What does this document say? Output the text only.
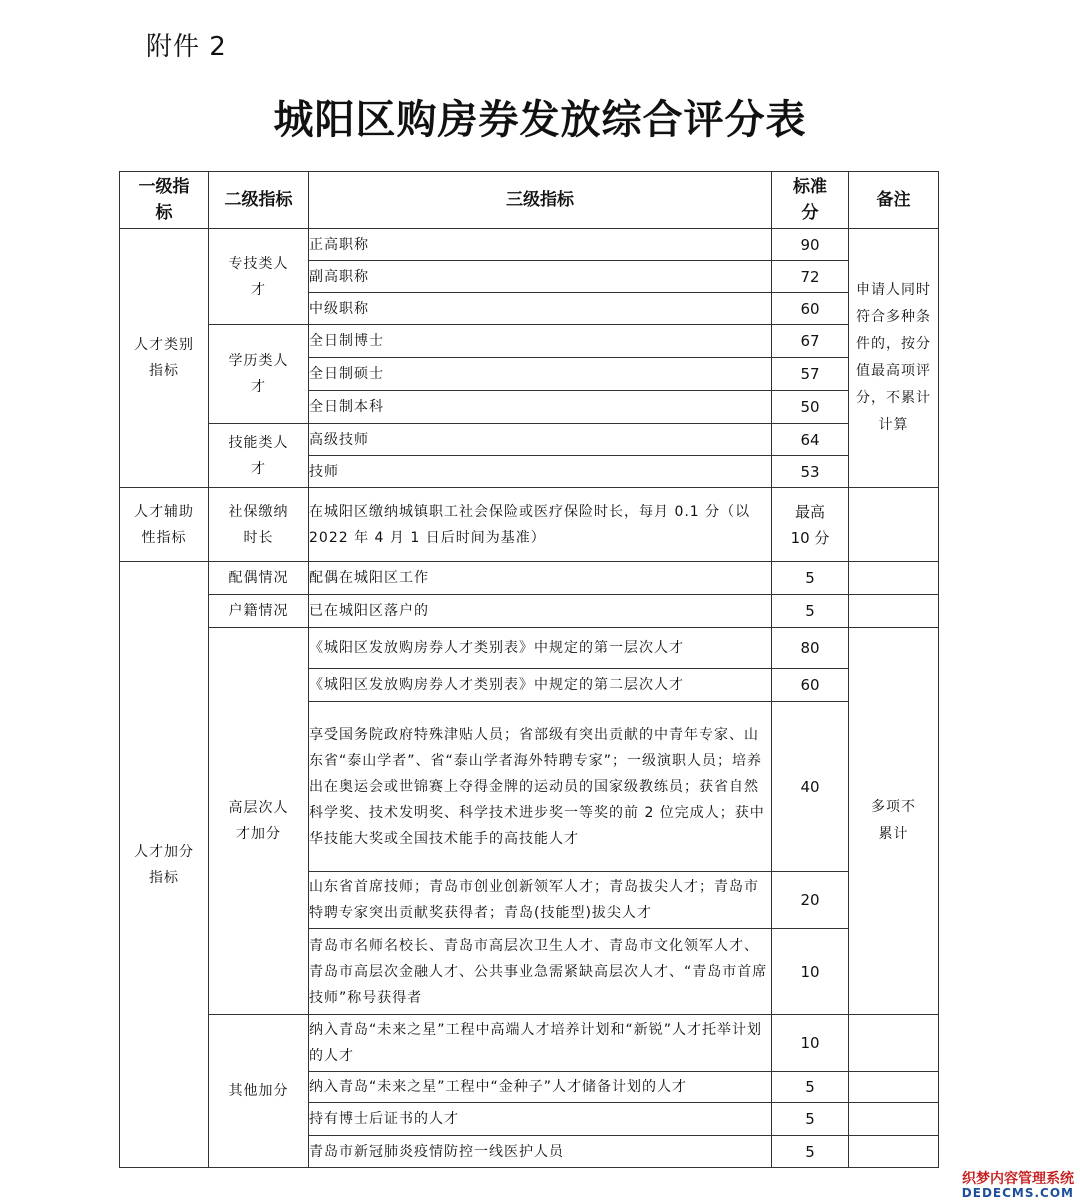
附件 2
城阳区购房券发放综合评分表
一级指标	二级指标	三级指标	标准分	备注
人才类别指标	专技类人才	正高职称	90	申请人同时符合多种条件的，按分值最高项评分，不累计计算
		副高职称	72	
		中级职称	60	
	学历类人才	全日制博士	67	
		全日制硕士	57	
		全日制本科	50	
	技能类人才	高级技师	64	
		技师	53	
人才辅助性指标	社保缴纳时长	在城阳区缴纳城镇职工社会保险或医疗保险时长，每月 0.1 分（以 2022 年 4 月 1 日后时间为基准）	最高 10 分	
人才加分指标	配偶情况	配偶在城阳区工作	5	
	户籍情况	已在城阳区落户的	5	
	高层次人才加分	《城阳区发放购房券人才类别表》中规定的第一层次人才	80	多项不累计
		《城阳区发放购房券人才类别表》中规定的第二层次人才	60	
		享受国务院政府特殊津贴人员；省部级有突出贡献的中青年专家、山东省“泰山学者”、省“泰山学者海外特聘专家”；一级演职人员；培养出在奥运会或世锦赛上夺得金牌的运动员的国家级教练员；获省自然科学奖、技术发明奖、科学技术进步奖一等奖的前 2 位完成人；获中华技能大奖或全国技术能手的高技能人才	40	
		山东省首席技师；青岛市创业创新领军人才；青岛拔尖人才；青岛市特聘专家突出贡献奖获得者；青岛(技能型)拔尖人才	20	
		青岛市名师名校长、青岛市高层次卫生人才、青岛市文化领军人才、青岛市高层次金融人才、公共事业急需紧缺高层次人才、“青岛市首席技师”称号获得者	10	
	其他加分	纳入青岛“未来之星”工程中高端人才培养计划和“新锐”人才托举计划的人才	10	
		纳入青岛“未来之星”工程中“金种子”人才储备计划的人才	5	
		持有博士后证书的人才	5	
		青岛市新冠肺炎疫情防控一线医护人员	5	
织梦内容管理系统
DEDECMS.COM
